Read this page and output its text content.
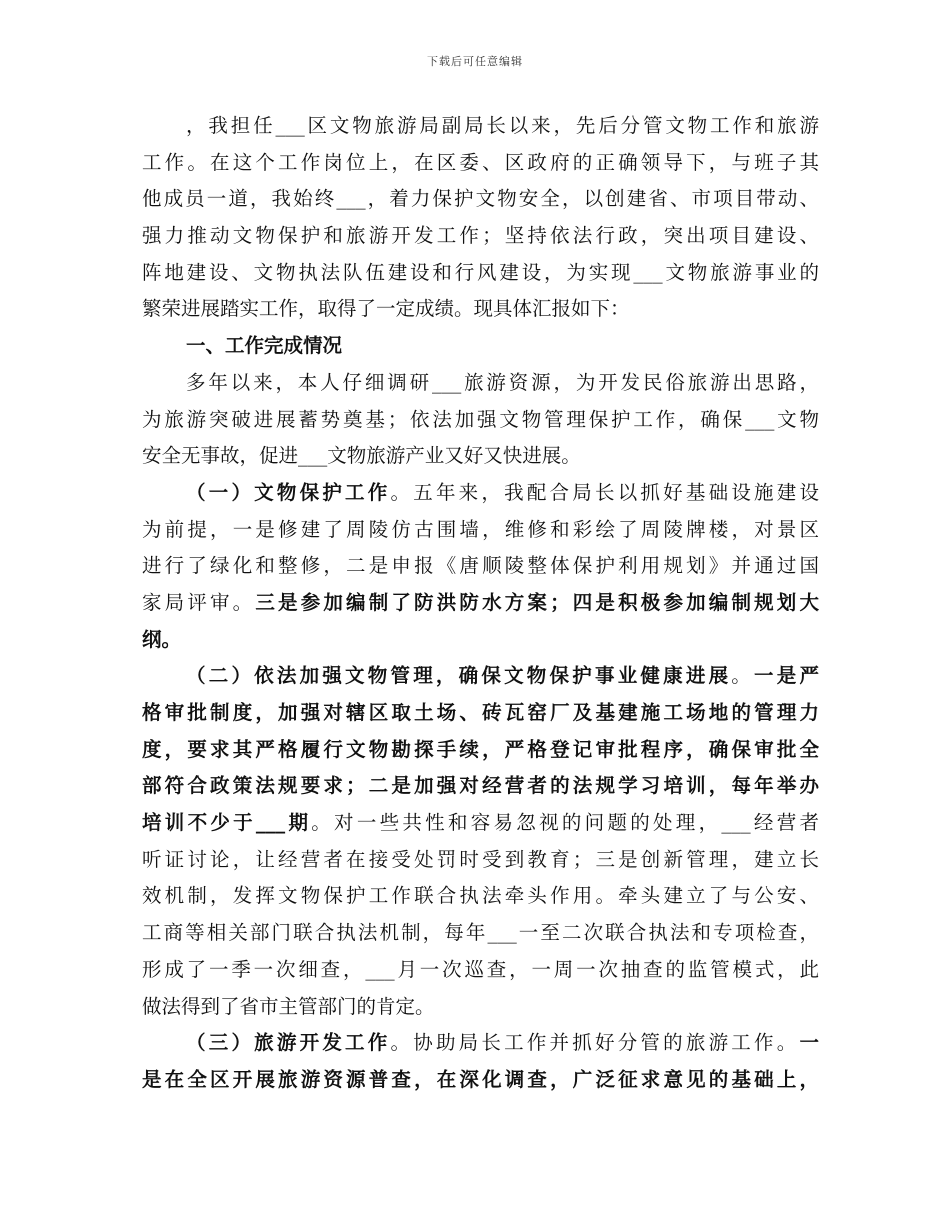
下载后可任意编辑
，我担任___区文物旅游局副局长以来，先后分管文物工作和旅游
工作。在这个工作岗位上，在区委、区政府的正确领导下，与班子其
他成员一道，我始终___，着力保护文物安全，以创建省、市项目带动、
强力推动文物保护和旅游开发工作；坚持依法行政，突出项目建设、
阵地建设、文物执法队伍建设和行风建设，为实现___文物旅游事业的
繁荣进展踏实工作，取得了一定成绩。现具体汇报如下：
一、工作完成情况
多年以来，本人仔细调研___旅游资源，为开发民俗旅游出思路，
为旅游突破进展蓄势奠基；依法加强文物管理保护工作，确保___文物
安全无事故，促进___文物旅游产业又好又快进展。
（一）文物保护工作。五年来，我配合局长以抓好基础设施建设
为前提，一是修建了周陵仿古围墙，维修和彩绘了周陵牌楼，对景区
进行了绿化和整修，二是申报《唐顺陵整体保护利用规划》并通过国
家局评审。三是参加编制了防洪防水方案；四是积极参加编制规划大
纲。
（二）依法加强文物管理，确保文物保护事业健康进展。一是严
格审批制度，加强对辖区取土场、砖瓦窑厂及基建施工场地的管理力
度，要求其严格履行文物勘探手续，严格登记审批程序，确保审批全
部符合政策法规要求；二是加强对经营者的法规学习培训，每年举办
培训不少于___期。对一些共性和容易忽视的问题的处理，___经营者
听证讨论，让经营者在接受处罚时受到教育；三是创新管理，建立长
效机制，发挥文物保护工作联合执法牵头作用。牵头建立了与公安、
工商等相关部门联合执法机制，每年___一至二次联合执法和专项检查，
形成了一季一次细查，___月一次巡查，一周一次抽查的监管模式，此
做法得到了省市主管部门的肯定。
（三）旅游开发工作。协助局长工作并抓好分管的旅游工作。一
是在全区开展旅游资源普查，在深化调查，广泛征求意见的基础上，
